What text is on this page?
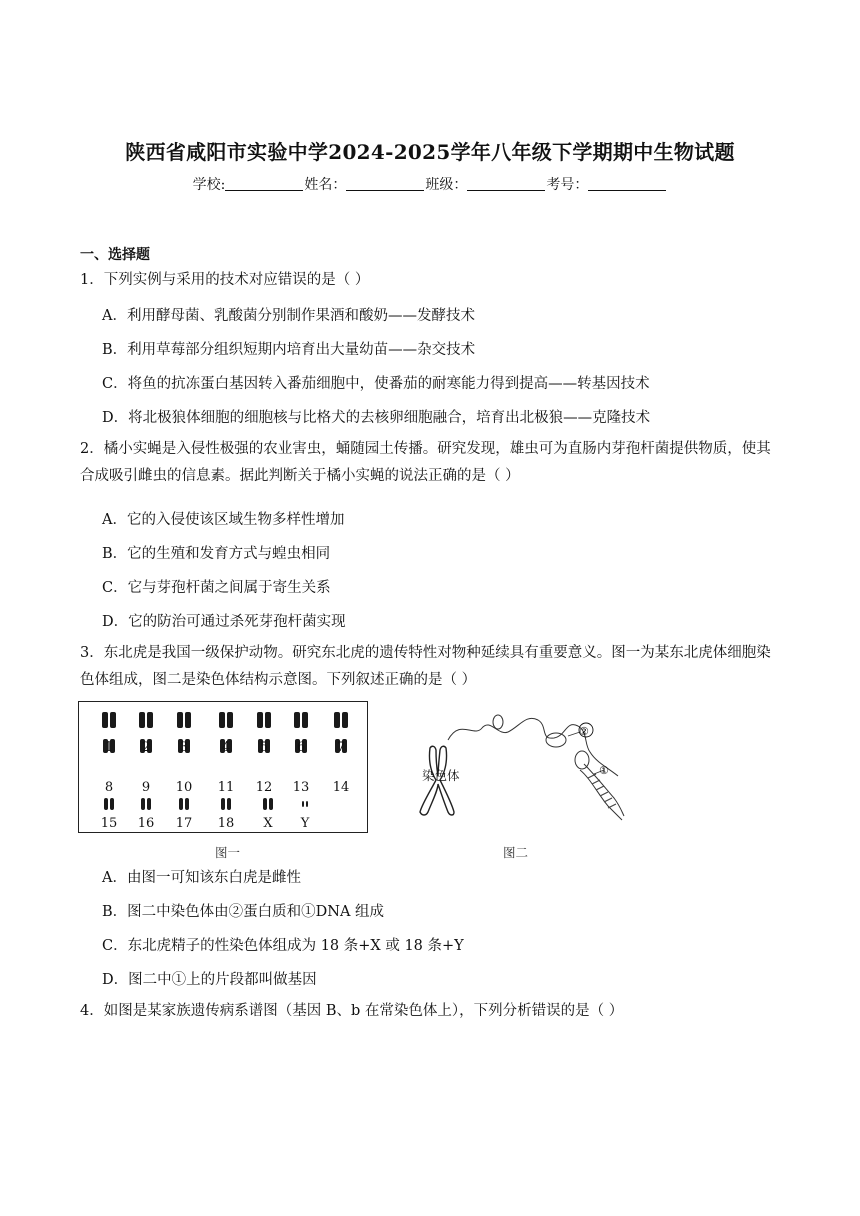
陕西省咸阳市实验中学2024-2025学年八年级下学期期中生物试题
学校:	姓名：	班级：	考号：
一、选择题
1．下列实例与采用的技术对应错误的是（ ）
A．利用酵母菌、乳酸菌分别制作果酒和酸奶——发酵技术
B．利用草莓部分组织短期内培育出大量幼苗——杂交技术
C．将鱼的抗冻蛋白基因转入番茄细胞中，使番茄的耐寒能力得到提高——转基因技术
D．将北极狼体细胞的细胞核与比格犬的去核卵细胞融合，培育出北极狼——克隆技术
2．橘小实蝇是入侵性极强的农业害虫，蛹随园土传播。研究发现，雄虫可为直肠内芽孢杆菌提供物质，使其合成吸引雌虫的信息素。据此判断关于橘小实蝇的说法正确的是（ ）
A．它的入侵使该区域生物多样性增加
B．它的生殖和发育方式与蝗虫相同
C．它与芽孢杆菌之间属于寄生关系
D．它的防治可通过杀死芽孢杆菌实现
3．东北虎是我国一级保护动物。研究东北虎的遗传特性对物种延续具有重要意义。图一为某东北虎体细胞染色体组成，图二是染色体结构示意图。下列叙述正确的是（ ）
1	2	3	4	5	6	7
8	9	10	11	12	13	14
15	16	17	18	X	Y
图一
染色体
②
①
图二
A．由图一可知该东白虎是雌性
B．图二中染色体由②蛋白质和①DNA 组成
C．东北虎精子的性染色体组成为 18 条+X 或 18 条+Y
D．图二中①上的片段都叫做基因
4．如图是某家族遗传病系谱图（基因 B、b 在常染色体上），下列分析错误的是（ ）
